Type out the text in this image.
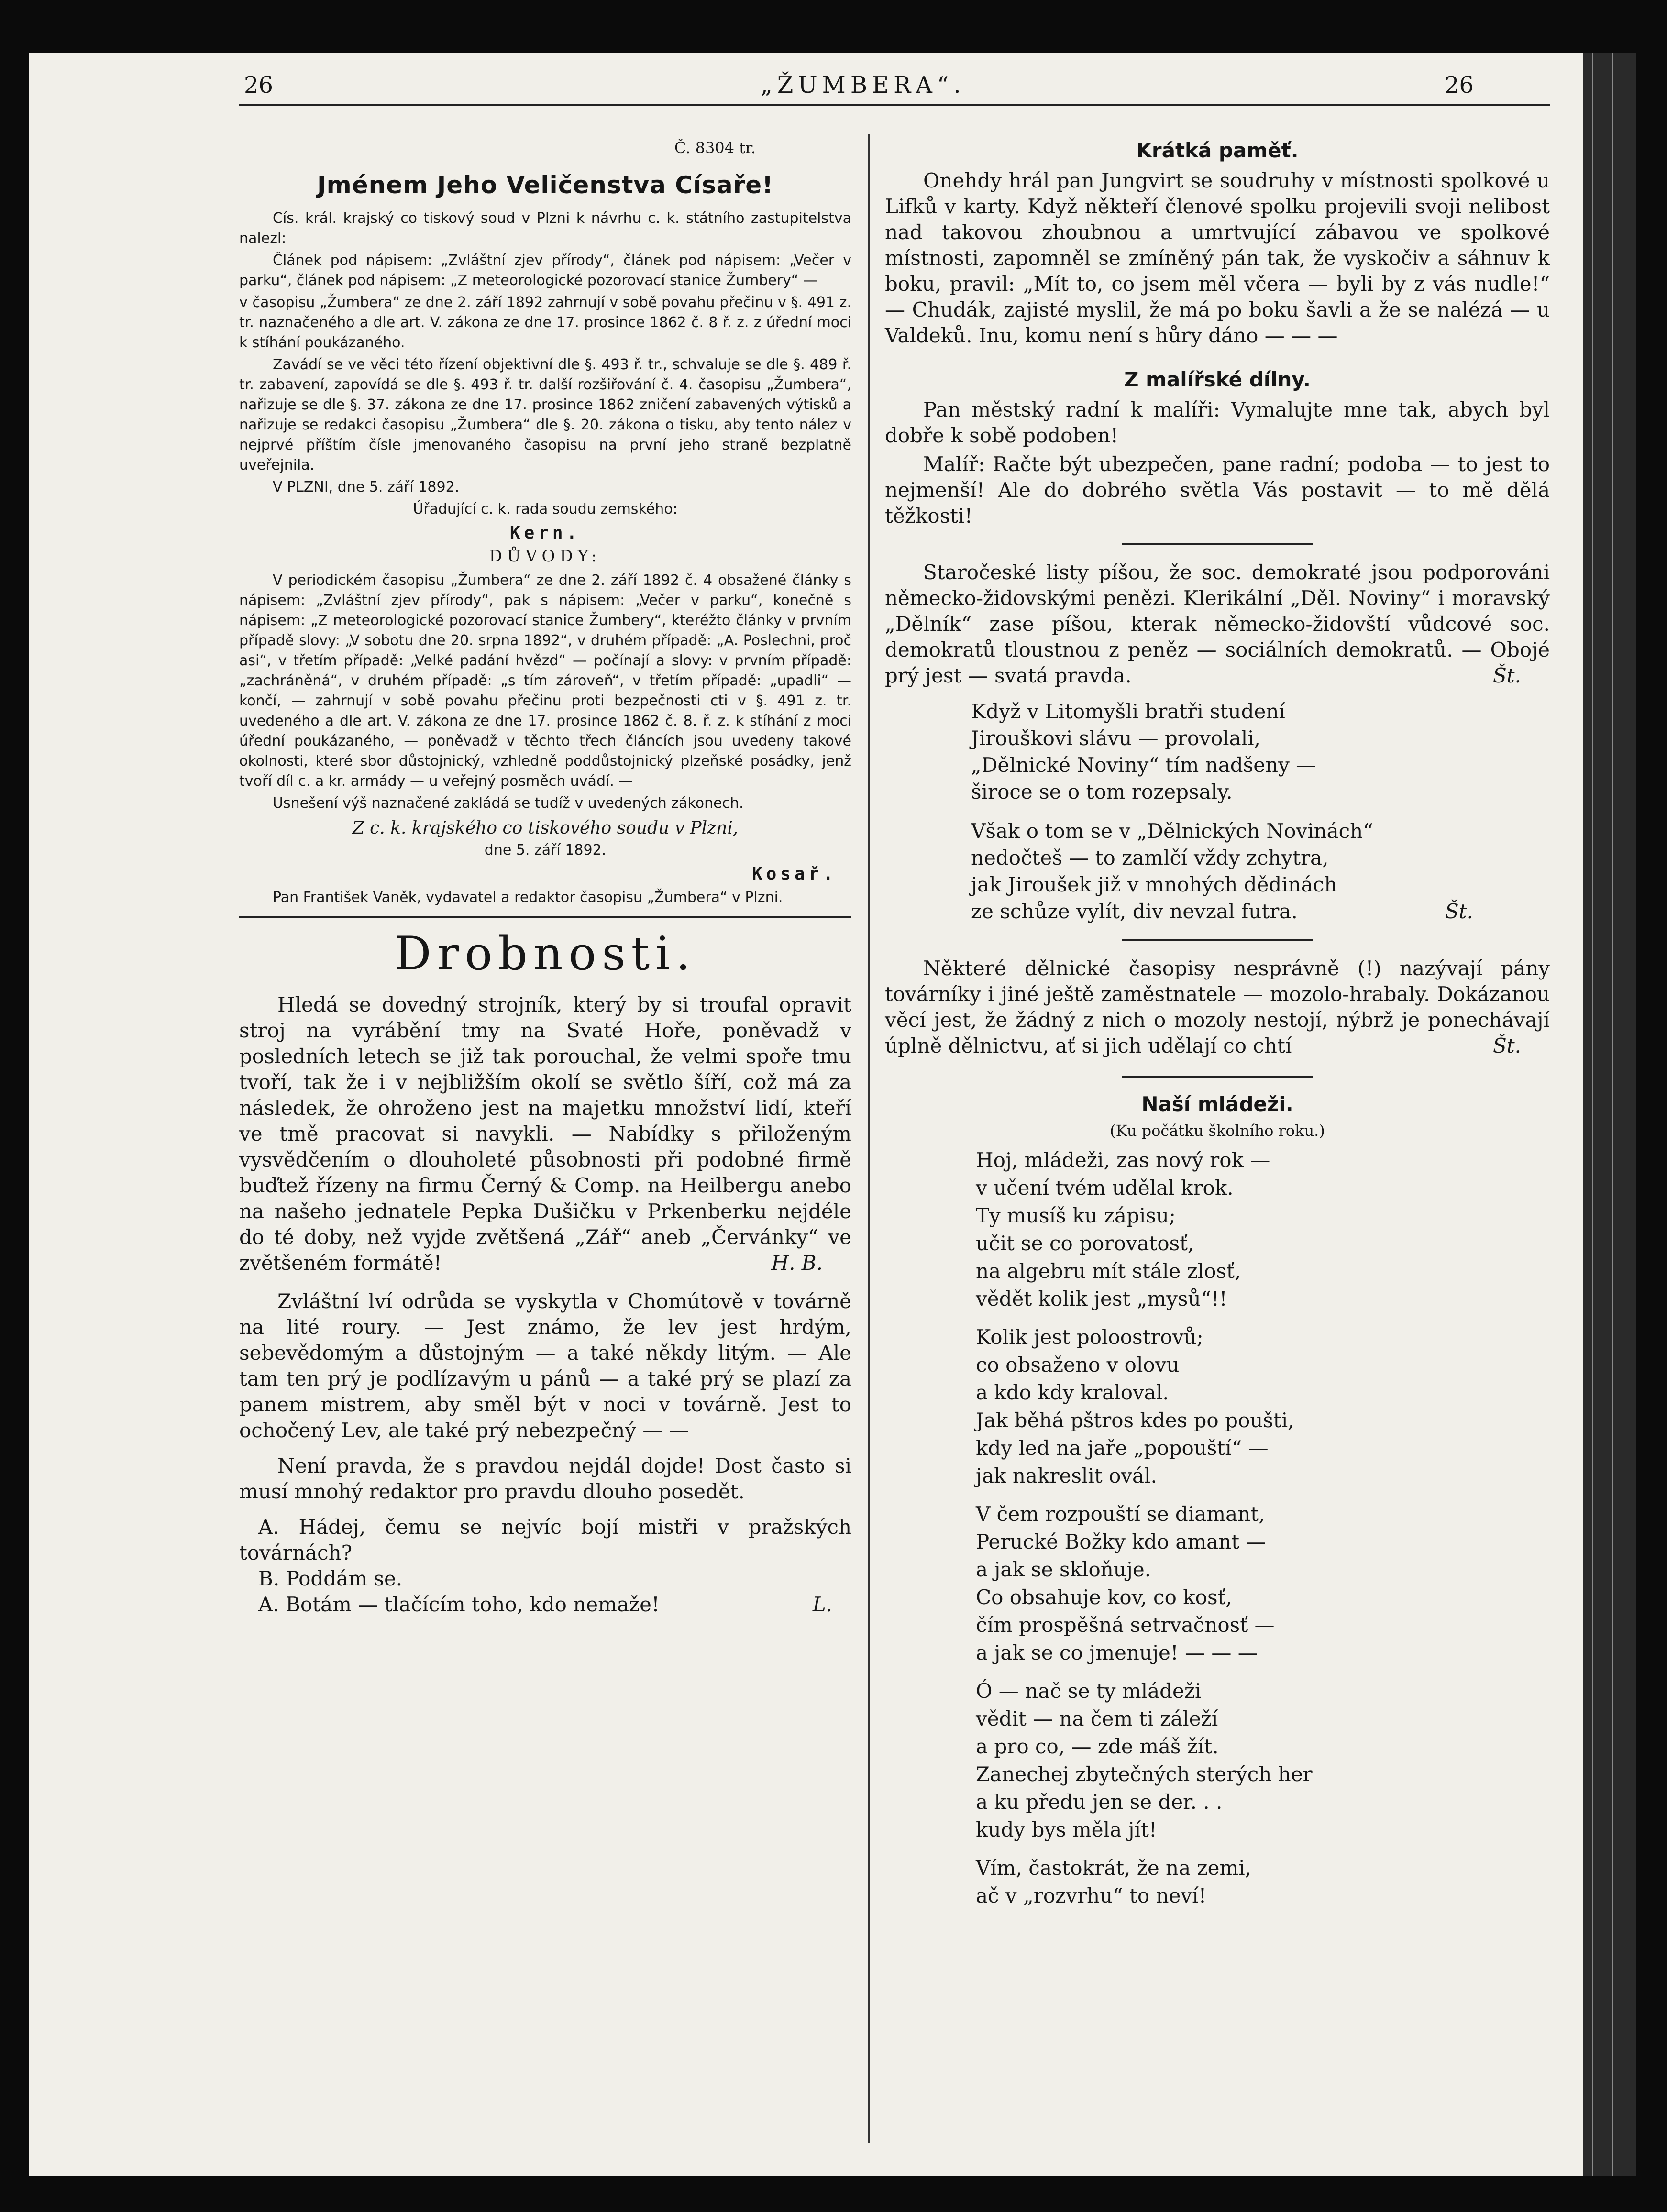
26	„ŽUMBERA“.	26
Č. 8304 tr.
Jménem Jeho Veličenstva Císaře!

Cís. král. krajský co tiskový soud v Plzni k návrhu c. k. státního zastupitelstva nalezl:

Článek pod nápisem: „Zvláštní zjev přírody“, článek pod nápisem: „Večer v parku“, článek pod nápisem: „Z meteorologické pozorovací stanice Žumbery“ —

v časopisu „Žumbera“ ze dne 2. září 1892 zahrnují v sobě povahu přečinu v §. 491 z. tr. naznačeného a dle art. V. zákona ze dne 17. prosince 1862 č. 8 ř. z. z úřední moci k stíhání poukázaného.

Zavádí se ve věci této řízení objektivní dle §. 493 ř. tr., schvaluje se dle §. 489 ř. tr. zabavení, zapovídá se dle §. 493 ř. tr. další rozšiřování č. 4. časopisu „Žumbera“, nařizuje se dle §. 37. zákona ze dne 17. prosince 1862 zničení zabavených výtisků a nařizuje se redakci časopisu „Žumbera“ dle §. 20. zákona o tisku, aby tento nález v nejprvé příštím čísle jmenovaného časopisu na první jeho straně bezplatně uveřejnila.

V PLZNI, dne 5. září 1892.

Úřadující c. k. rada soudu zemského:

Kern.
DŮVODY:

V periodickém časopisu „Žumbera“ ze dne 2. září 1892 č. 4 obsažené články s nápisem: „Zvláštní zjev přírody“, pak s nápisem: „Večer v parku“, konečně s nápisem: „Z meteorologické pozorovací stanice Žumbery“, kteréžto články v prvním případě slovy: „V sobotu dne 20. srpna 1892“, v druhém případě: „A. Poslechni, proč asi“, v třetím případě: „Velké padání hvězd“ — počínají a slovy: v prvním případě: „zachráněná“, v druhém případě: „s tím zároveň“, v třetím případě: „upadli“ — končí, — zahrnují v sobě povahu přečinu proti bezpečnosti cti v §. 491 z. tr. uvedeného a dle art. V. zákona ze dne 17. prosince 1862 č. 8. ř. z. k stíhání z moci úřední poukázaného, — poněvadž v těchto třech článcích jsou uvedeny takové okolnosti, které sbor důstojnický, vzhledně poddůstojnický plzeňské posádky, jenž tvoří díl c. a kr. armády — u veřejný posměch uvádí. —

Usnešení výš naznačené zakládá se tudíž v uvedených zákonech.

Z c. k. krajského co tiskového soudu v Plzni,

dne 5. září 1892.

Kosař.

Pan František Vaněk, vydavatel a redaktor časopisu „Žumbera“ v Plzni.

Drobnosti.

Hledá se dovedný strojník, který by si troufal opravit stroj na vyrábění tmy na Svaté Hoře, poněvadž v posledních letech se již tak porouchal, že velmi spoře tmu tvoří, tak že i v nejbližším okolí se světlo šíří, což má za následek, že ohroženo jest na majetku množství lidí, kteří ve tmě pracovat si navykli. — Nabídky s přiloženým vysvědčením o dlouholeté působnosti při podobné firmě buďtež řízeny na firmu Černý & Comp. na Heilbergu anebo na našeho jednatele Pepka Dušičku v Prkenberku nejdéle do té doby, než vyjde zvětšená „Zář“ aneb „Červánky“ ve zvětšeném formátě!	H. B.

Zvláštní lví odrůda se vyskytla v Chomútově v továrně na lité roury. — Jest známo, že lev jest hrdým, sebevědomým a důstojným — a také někdy litým. — Ale tam ten prý je podlízavým u pánů — a také prý se plazí za panem mistrem, aby směl být v noci v továrně. Jest to ochočený Lev, ale také prý nebezpečný — —

Není pravda, že s pravdou nejdál dojde! Dost často si musí mnohý redaktor pro pravdu dlouho posedět.

A. Hádej, čemu se nejvíc bojí mistři v pražských továrnách?

B. Poddám se.

A. Botám — tlačícím toho, kdo nemaže!	L.

Krátká paměť.

Onehdy hrál pan Jungvirt se soudruhy v místnosti spolkové u Lifků v karty. Když někteří členové spolku projevili svoji nelibost nad takovou zhoubnou a umrtvující zábavou ve spolkové místnosti, zapomněl se zmíněný pán tak, že vyskočiv a sáhnuv k boku, pravil: „Mít to, co jsem měl včera — byli by z vás nudle!“ — Chudák, zajisté myslil, že má po boku šavli a že se nalézá — u Valdeků. Inu, komu není s hůry dáno — — —

Z malířské dílny.

Pan městský radní k malíři: Vymalujte mne tak, abych byl dobře k sobě podoben!

Malíř: Račte být ubezpečen, pane radní; podoba — to jest to nejmenší! Ale do dobrého světla Vás postavit — to mě dělá těžkosti!

Staročeské listy píšou, že soc. demokraté jsou podporováni německo-židovskými penězi. Klerikální „Děl. Noviny“ i moravský „Dělník“ zase píšou, kterak německo-židovští vůdcové soc. demokratů tloustnou z peněz — sociálních demokratů. — Obojé prý jest — svatá pravda.	Št.

Když v Litomyšli bratři studení
Jirouškovi slávu — provolali,
„Dělnické Noviny“ tím nadšeny —
široce se o tom rozepsaly.
Však o tom se v „Dělnických Novinách“
nedočteš — to zamlčí vždy zchytra,
jak Jiroušek již v mnohých dědinách
ze schůze vylít, div nevzal futra.	Št.

Některé dělnické časopisy nesprávně (!) nazývají pány továrníky i jiné ještě zaměstnatele — mozolo-hrabaly. Dokázanou věcí jest, že žádný z nich o mozoly nestojí, nýbrž je ponechávají úplně dělnictvu, ať si jich udělají co chtí	Št.

Naší mládeži.
(Ku počátku školního roku.)
Hoj, mládeži, zas nový rok —
v učení tvém udělal krok.
Ty musíš ku zápisu;
učit se co porovatosť,
na algebru mít stále zlosť,
vědět kolik jest „mysů“!!
Kolik jest poloostrovů;
co obsaženo v olovu
a kdo kdy kraloval.
Jak běhá pštros kdes po poušti,
kdy led na jaře „popouští“ —
jak nakreslit ovál.
V čem rozpouští se diamant,
Perucké Božky kdo amant —
a jak se skloňuje.
Co obsahuje kov, co kosť,
čím prospěšná setrvačnosť —
a jak se co jmenuje! — — —
Ó — nač se ty mládeži
vědit — na čem ti záleží
a pro co, — zde máš žít.
Zanechej zbytečných sterých her
a ku předu jen se der. . .
kudy bys měla jít!
Vím, častokrát, že na zemi,
ač v „rozvrhu“ to neví!
